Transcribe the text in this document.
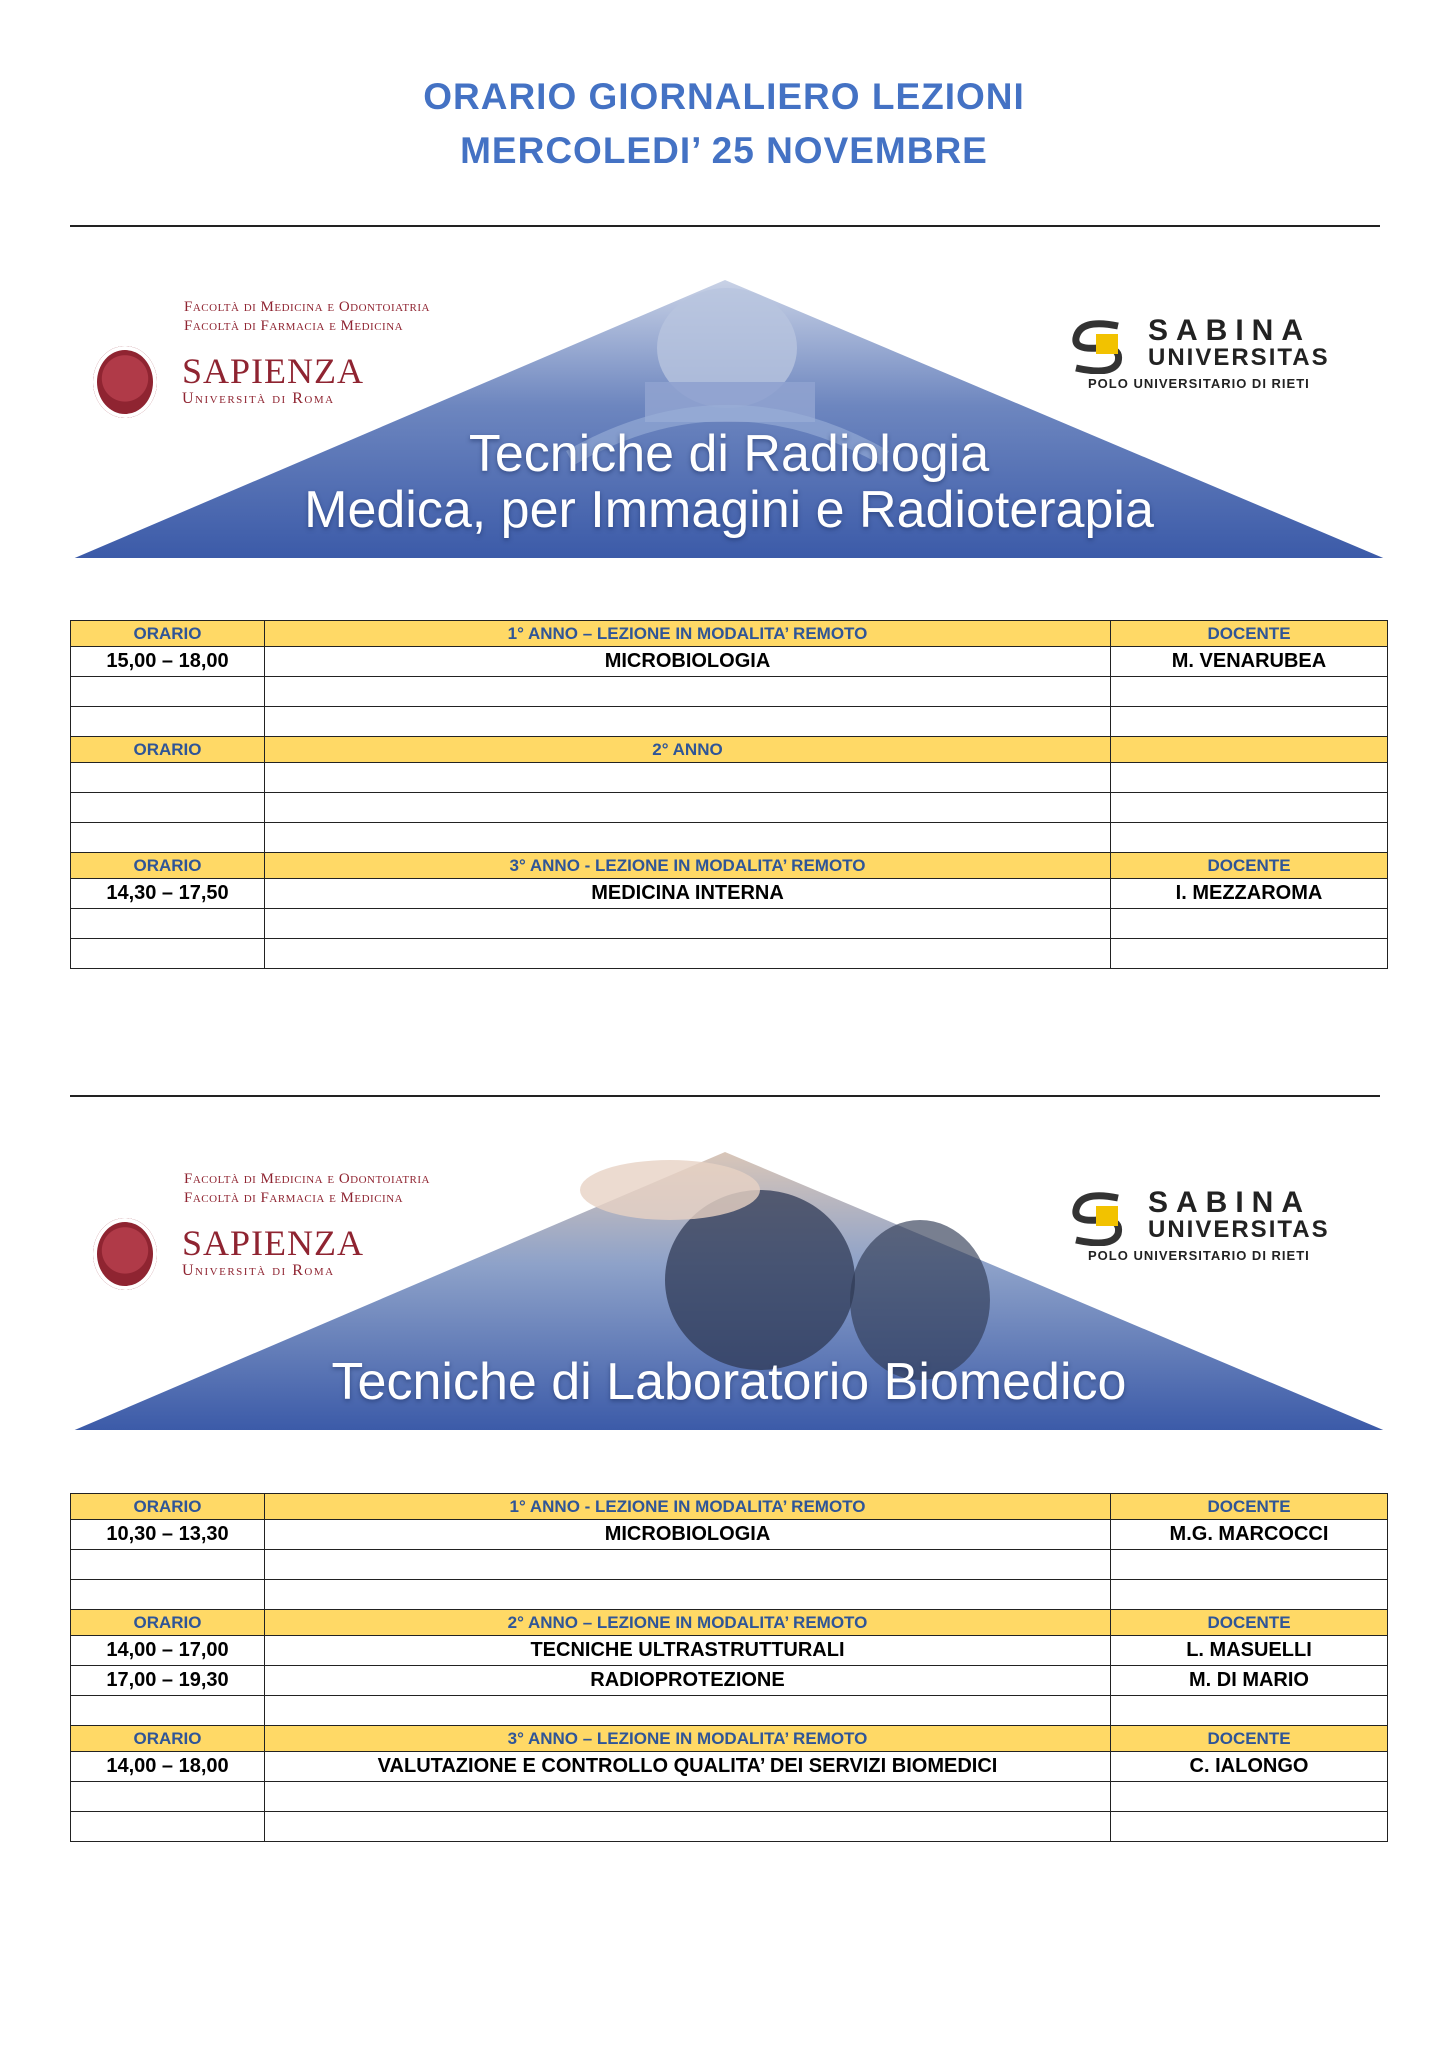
ORARIO GIORNALIERO LEZIONI
MERCOLEDI’ 25 NOVEMBRE
Facoltà di Medicina e Odontoiatria
Facoltà di Farmacia e Medicina
SAPIENZA
Università di Roma
SABINA
UNIVERSITAS
POLO UNIVERSITARIO DI RIETI
Tecniche di Radiologia
Medica, per Immagini e Radioterapia
ORARIO	1° ANNO – LEZIONE IN MODALITA’ REMOTO	DOCENTE
15,00 – 18,00	MICROBIOLOGIA	M. VENARUBEA

ORARIO	2° ANNO	

ORARIO	3° ANNO - LEZIONE IN MODALITA’ REMOTO	DOCENTE
14,30 – 17,50	MEDICINA INTERNA	I. MEZZAROMA

Facoltà di Medicina e Odontoiatria
Facoltà di Farmacia e Medicina
SAPIENZA
Università di Roma
SABINA
UNIVERSITAS
POLO UNIVERSITARIO DI RIETI
Tecniche di Laboratorio Biomedico
ORARIO	1° ANNO - LEZIONE IN MODALITA’ REMOTO	DOCENTE
10,30 – 13,30	MICROBIOLOGIA	M.G. MARCOCCI

ORARIO	2° ANNO – LEZIONE IN MODALITA’ REMOTO	DOCENTE
14,00 – 17,00	TECNICHE ULTRASTRUTTURALI	L. MASUELLI
17,00 – 19,30	RADIOPROTEZIONE	M. DI MARIO

ORARIO	3° ANNO – LEZIONE IN MODALITA’ REMOTO	DOCENTE
14,00 – 18,00	VALUTAZIONE E CONTROLLO QUALITA’ DEI SERVIZI BIOMEDICI	C. IALONGO
